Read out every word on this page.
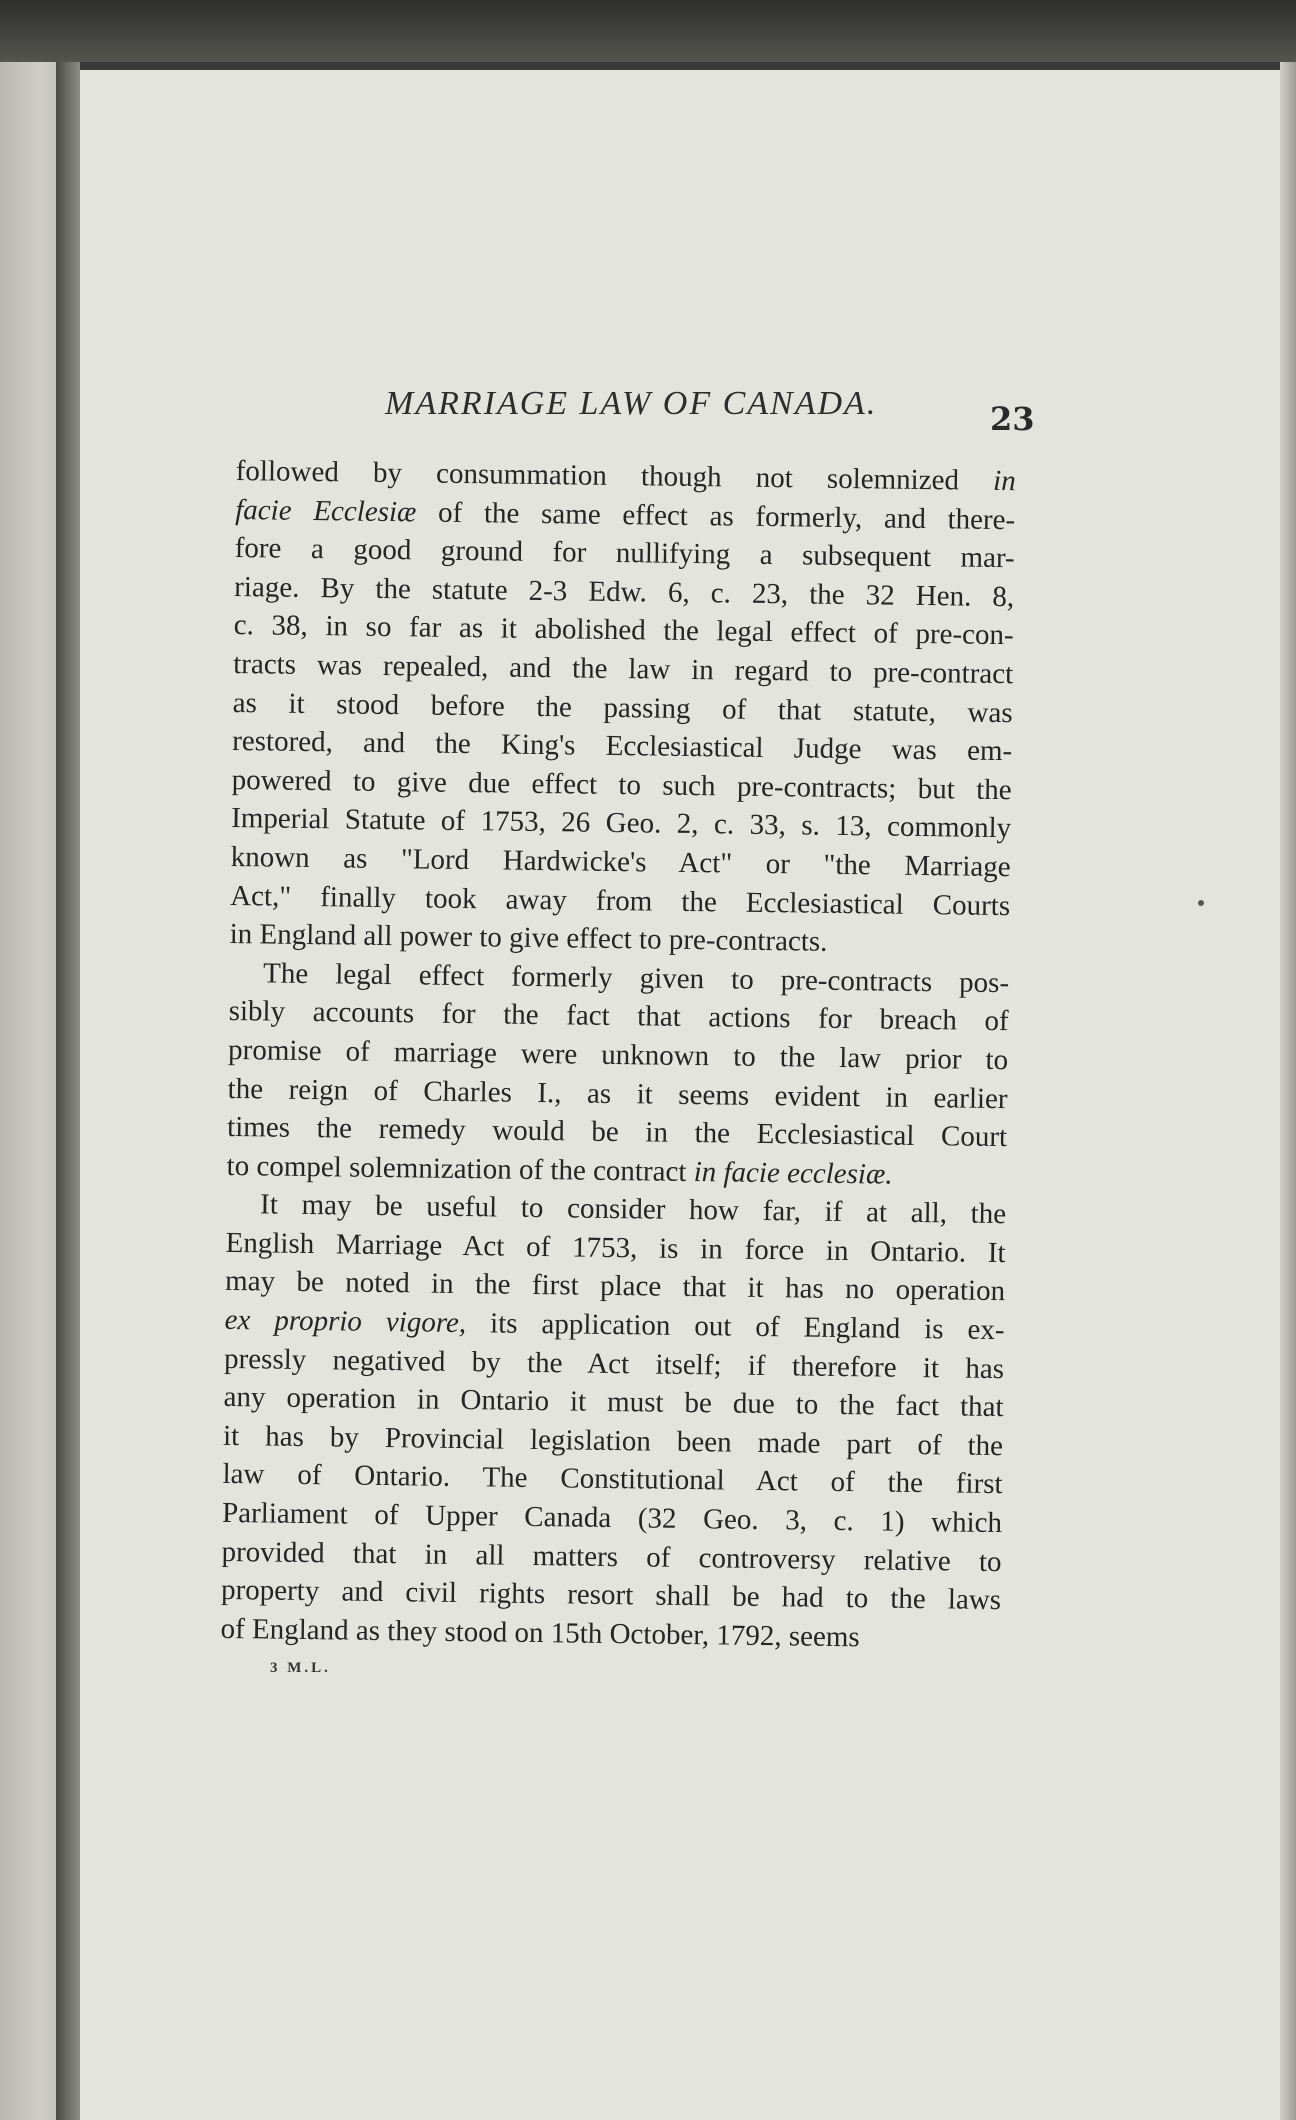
MARRIAGE LAW OF CANADA.	23
followed by consummation though not solemnized in
facie Ecclesiæ of the same effect as formerly, and there-
fore a good ground for nullifying a subsequent mar-
riage. By the statute 2-3 Edw. 6, c. 23, the 32 Hen. 8,
c. 38, in so far as it abolished the legal effect of pre-con-
tracts was repealed, and the law in regard to pre-contract
as it stood before the passing of that statute, was
restored, and the King's Ecclesiastical Judge was em-
powered to give due effect to such pre-contracts; but the
Imperial Statute of 1753, 26 Geo. 2, c. 33, s. 13, commonly
known as "Lord Hardwicke's Act" or "the Marriage
Act," finally took away from the Ecclesiastical Courts
in England all power to give effect to pre-contracts.
The legal effect formerly given to pre-contracts pos-
sibly accounts for the fact that actions for breach of
promise of marriage were unknown to the law prior to
the reign of Charles I., as it seems evident in earlier
times the remedy would be in the Ecclesiastical Court
to compel solemnization of the contract in facie ecclesiæ.
It may be useful to consider how far, if at all, the
English Marriage Act of 1753, is in force in Ontario. It
may be noted in the first place that it has no operation
ex proprio vigore, its application out of England is ex-
pressly negatived by the Act itself; if therefore it has
any operation in Ontario it must be due to the fact that
it has by Provincial legislation been made part of the
law of Ontario. The Constitutional Act of the first
Parliament of Upper Canada (32 Geo. 3, c. 1) which
provided that in all matters of controversy relative to
property and civil rights resort shall be had to the laws
of England as they stood on 15th October, 1792, seems
3 M.L.
